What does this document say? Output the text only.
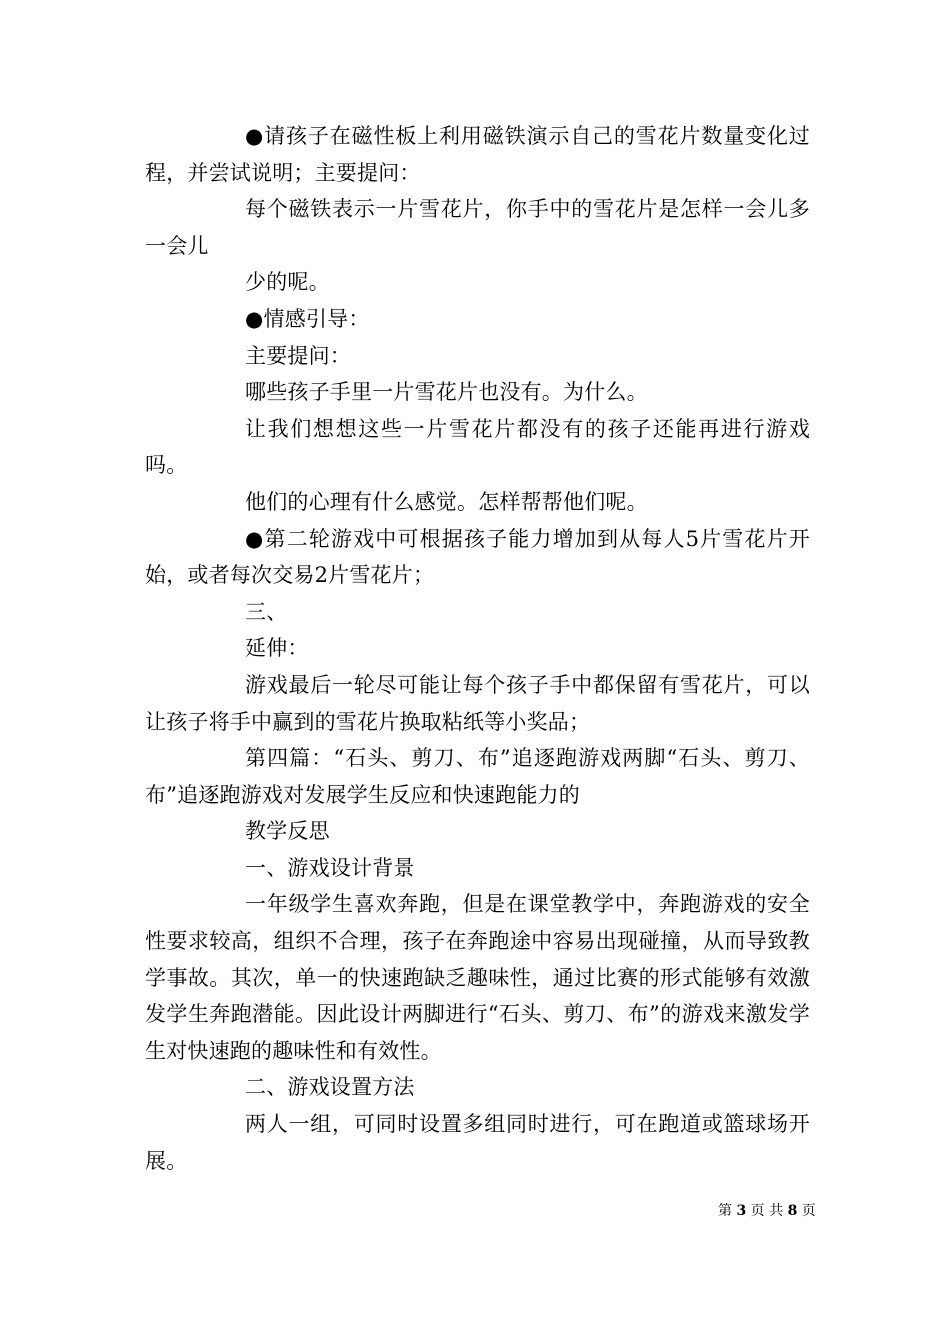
●请孩子在磁性板上利用磁铁演示自己的雪花片数量变化过程，并尝试说明；主要提问：

每个磁铁表示一片雪花片，你手中的雪花片是怎样一会儿多一会儿

少的呢。

●情感引导：

主要提问：

哪些孩子手里一片雪花片也没有。为什么。

让我们想想这些一片雪花片都没有的孩子还能再进行游戏吗。

他们的心理有什么感觉。怎样帮帮他们呢。

●第二轮游戏中可根据孩子能力增加到从每人5片雪花片开始，或者每次交易2片雪花片；

三、

延伸：

游戏最后一轮尽可能让每个孩子手中都保留有雪花片，可以让孩子将手中赢到的雪花片换取粘纸等小奖品；

第四篇：“石头、剪刀、布”追逐跑游戏两脚“石头、剪刀、布”追逐跑游戏对发展学生反应和快速跑能力的

教学反思

一、游戏设计背景

一年级学生喜欢奔跑，但是在课堂教学中，奔跑游戏的安全性要求较高，组织不合理，孩子在奔跑途中容易出现碰撞，从而导致教学事故。其次，单一的快速跑缺乏趣味性，通过比赛的形式能够有效激发学生奔跑潜能。因此设计两脚进行“石头、剪刀、布”的游戏来激发学生对快速跑的趣味性和有效性。

二、游戏设置方法

两人一组，可同时设置多组同时进行，可在跑道或篮球场开展。

第 3 页 共 8 页
